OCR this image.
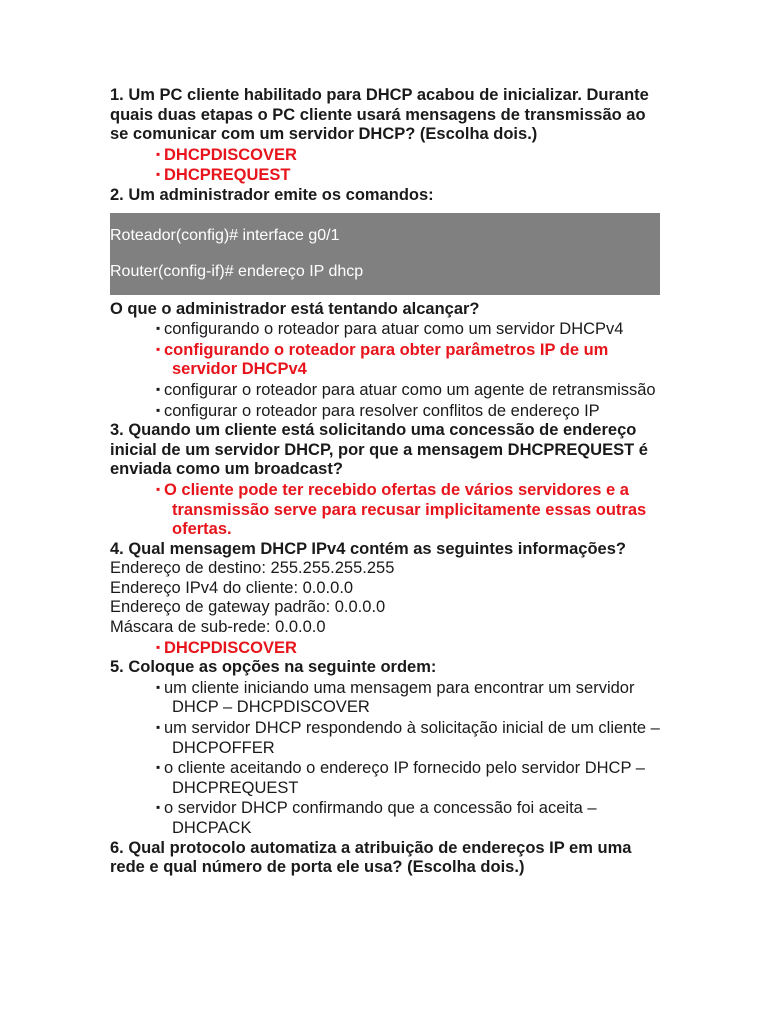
1. Um PC cliente habilitado para DHCP acabou de inicializar. Durante quais duas etapas o PC cliente usará mensagens de transmissão ao se comunicar com um servidor DHCP? (Escolha dois.)
▪ DHCPDISCOVER
▪ DHCPREQUEST
2. Um administrador emite os comandos:
Roteador(config)# interface g0/1
Router(config-if)# endereço IP dhcp
O que o administrador está tentando alcançar?
▪ configurando o roteador para atuar como um servidor DHCPv4
▪ configurando o roteador para obter parâmetros IP de um servidor DHCPv4
▪ configurar o roteador para atuar como um agente de retransmissão
▪ configurar o roteador para resolver conflitos de endereço IP
3. Quando um cliente está solicitando uma concessão de endereço inicial de um servidor DHCP, por que a mensagem DHCPREQUEST é enviada como um broadcast?
▪ O cliente pode ter recebido ofertas de vários servidores e a transmissão serve para recusar implicitamente essas outras ofertas.
4. Qual mensagem DHCP IPv4 contém as seguintes informações?
Endereço de destino: 255.255.255.255
Endereço IPv4 do cliente: 0.0.0.0
Endereço de gateway padrão: 0.0.0.0
Máscara de sub-rede: 0.0.0.0
▪ DHCPDISCOVER
5. Coloque as opções na seguinte ordem:
▪ um cliente iniciando uma mensagem para encontrar um servidor DHCP – DHCPDISCOVER
▪ um servidor DHCP respondendo à solicitação inicial de um cliente – DHCPOFFER
▪ o cliente aceitando o endereço IP fornecido pelo servidor DHCP – DHCPREQUEST
▪ o servidor DHCP confirmando que a concessão foi aceita – DHCPACK
6. Qual protocolo automatiza a atribuição de endereços IP em uma rede e qual número de porta ele usa? (Escolha dois.)
